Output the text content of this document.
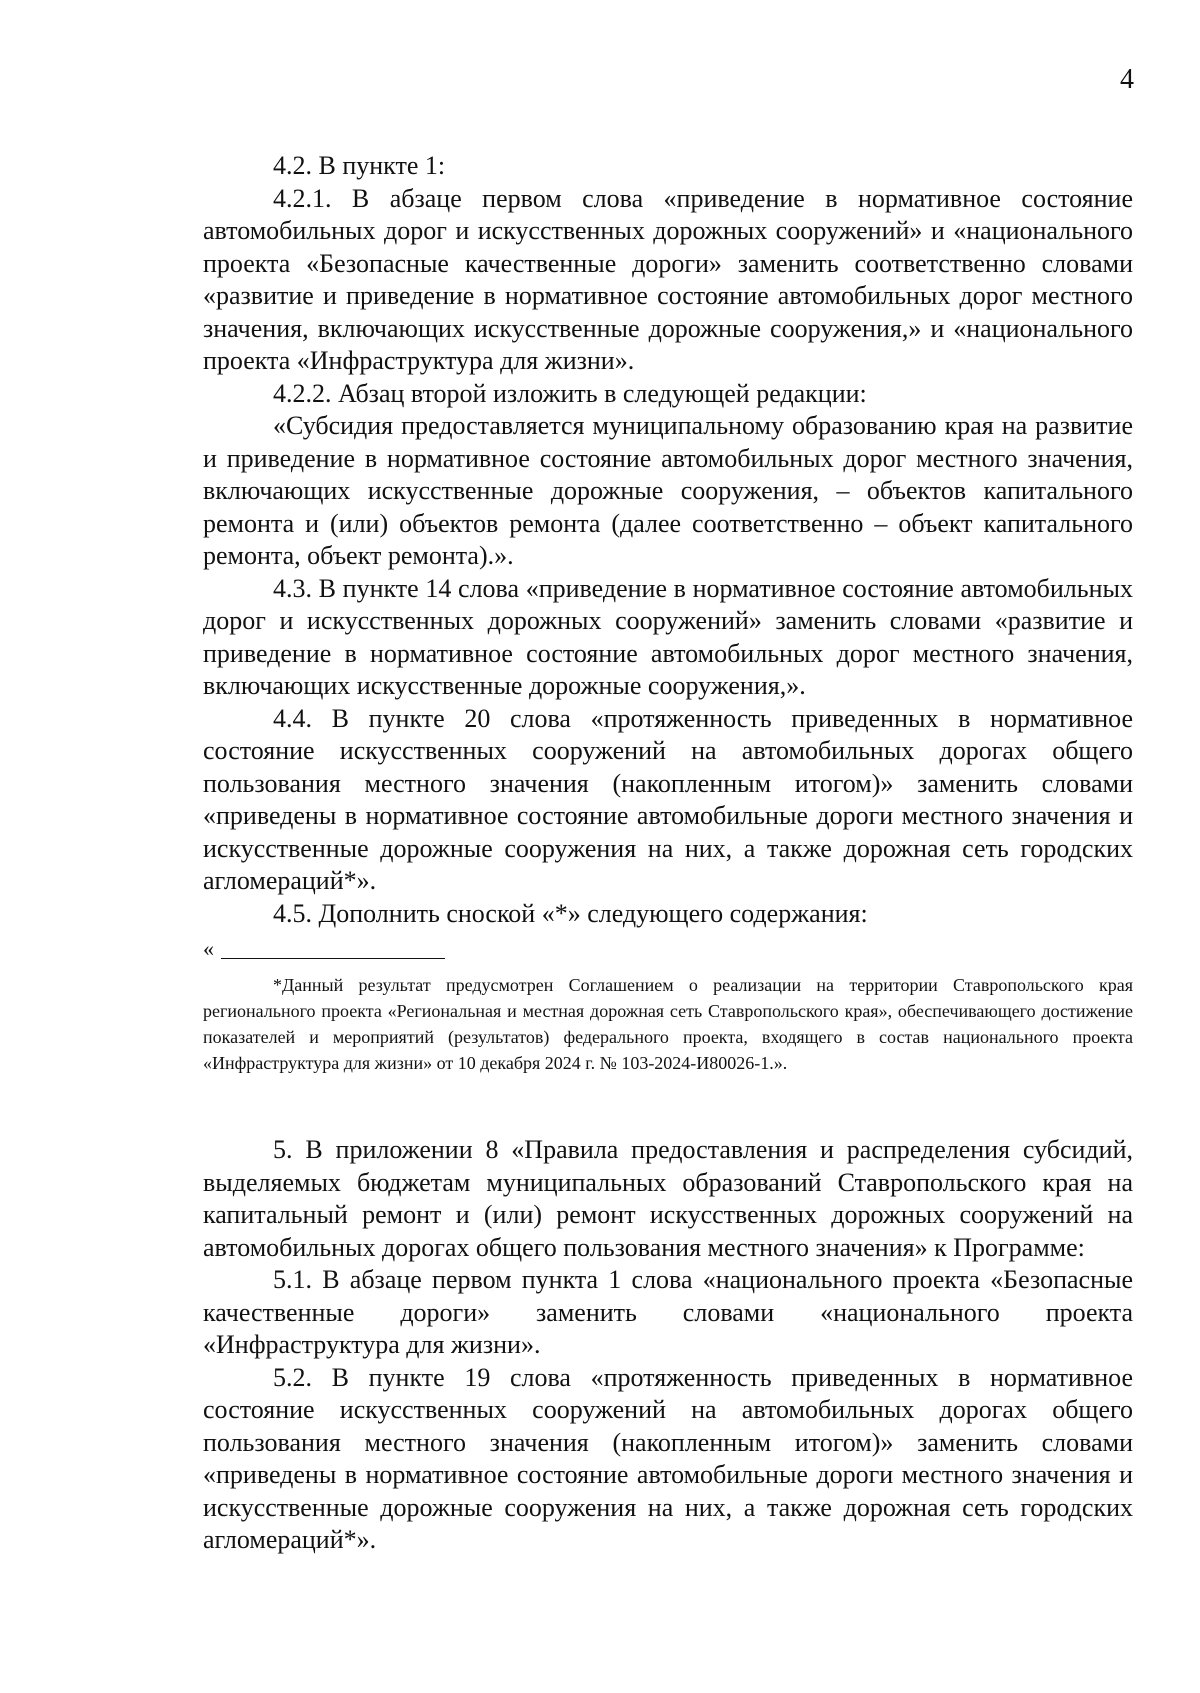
4

4.2. В пункте 1:

4.2.1. В абзаце первом слова «приведение в нормативное состояние автомобильных дорог и искусственных дорожных сооружений» и «национального проекта «Безопасные качественные дороги» заменить соответственно словами «развитие и приведение в нормативное состояние автомобильных дорог местного значения, включающих искусственные дорожные сооружения,» и «национального проекта «Инфраструктура для жизни».

4.2.2. Абзац второй изложить в следующей редакции:

«Субсидия предоставляется муниципальному образованию края на развитие и приведение в нормативное состояние автомобильных дорог местного значения, включающих искусственные дорожные сооружения, – объектов капитального ремонта и (или) объектов ремонта (далее соответственно – объект капитального ремонта, объект ремонта).».

4.3. В пункте 14 слова «приведение в нормативное состояние автомобильных дорог и искусственных дорожных сооружений» заменить словами «развитие и приведение в нормативное состояние автомобильных дорог местного значения, включающих искусственные дорожные сооружения,».

4.4. В пункте 20 слова «протяженность приведенных в нормативное состояние искусственных сооружений на автомобильных дорогах общего пользования местного значения (накопленным итогом)» заменить словами «приведены в нормативное состояние автомобильные дороги местного значения и искусственные дорожные сооружения на них, а также дорожная сеть городских агломераций*».

4.5. Дополнить сноской «*» следующего содержания:

«

*Данный результат предусмотрен Соглашением о реализации на территории Ставропольского края регионального проекта «Региональная и местная дорожная сеть Ставропольского края», обеспечивающего достижение показателей и мероприятий (результатов) федерального проекта, входящего в состав национального проекта «Инфраструктура для жизни» от 10 декабря 2024 г. № 103-2024-И80026-1.».

5. В приложении 8 «Правила предоставления и распределения субсидий, выделяемых бюджетам муниципальных образований Ставропольского края на капитальный ремонт и (или) ремонт искусственных дорожных сооружений на автомобильных дорогах общего пользования местного значения» к Программе:

5.1. В абзаце первом пункта 1 слова «национального проекта «Безопасные качественные дороги» заменить словами «национального проекта «Инфраструктура для жизни».

5.2. В пункте 19 слова «протяженность приведенных в нормативное состояние искусственных сооружений на автомобильных дорогах общего пользования местного значения (накопленным итогом)» заменить словами «приведены в нормативное состояние автомобильные дороги местного значения и искусственные дорожные сооружения на них, а также дорожная сеть городских агломераций*».
